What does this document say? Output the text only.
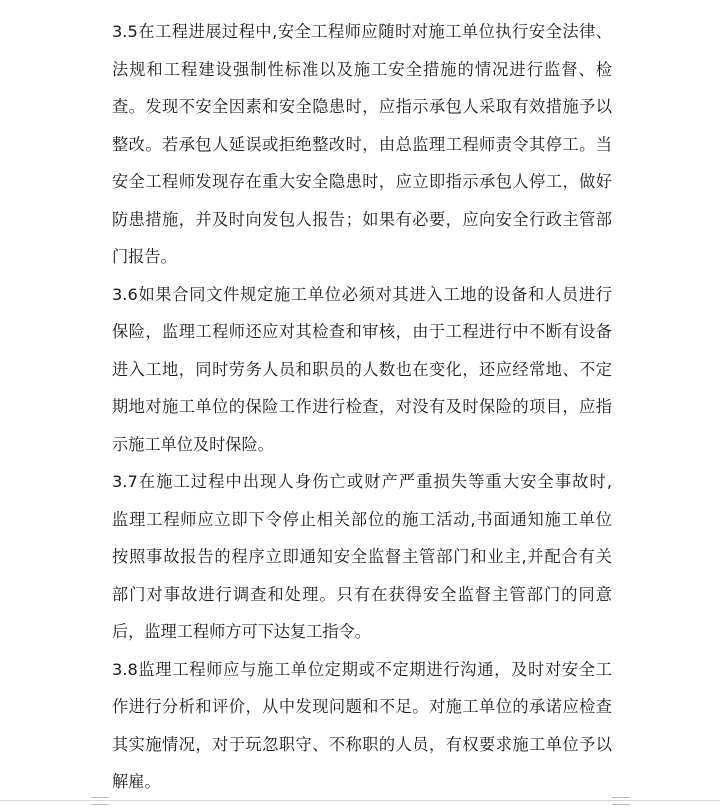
3.5在工程进展过程中,安全工程师应随时对施工单位执行安全法律、
法规和工程建设强制性标准以及施工安全措施的情况进行监督、检
查。发现不安全因素和安全隐患时，应指示承包人采取有效措施予以
整改。若承包人延误或拒绝整改时，由总监理工程师责令其停工。当
安全工程师发现存在重大安全隐患时，应立即指示承包人停工，做好
防患措施，并及时向发包人报告；如果有必要，应向安全行政主管部
门报告。

3.6如果合同文件规定施工单位必须对其进入工地的设备和人员进行
保险，监理工程师还应对其检查和审核，由于工程进行中不断有设备
进入工地，同时劳务人员和职员的人数也在变化，还应经常地、不定
期地对施工单位的保险工作进行检查，对没有及时保险的项目，应指
示施工单位及时保险。

3.7在施工过程中出现人身伤亡或财产严重损失等重大安全事故时,
监理工程师应立即下令停止相关部位的施工活动,书面通知施工单位
按照事故报告的程序立即通知安全监督主管部门和业主,并配合有关
部门对事故进行调查和处理。只有在获得安全监督主管部门的同意
后，监理工程师方可下达复工指令。

3.8监理工程师应与施工单位定期或不定期进行沟通，及时对安全工
作进行分析和评价，从中发现问题和不足。对施工单位的承诺应检查
其实施情况，对于玩忽职守、不称职的人员，有权要求施工单位予以
解雇。
